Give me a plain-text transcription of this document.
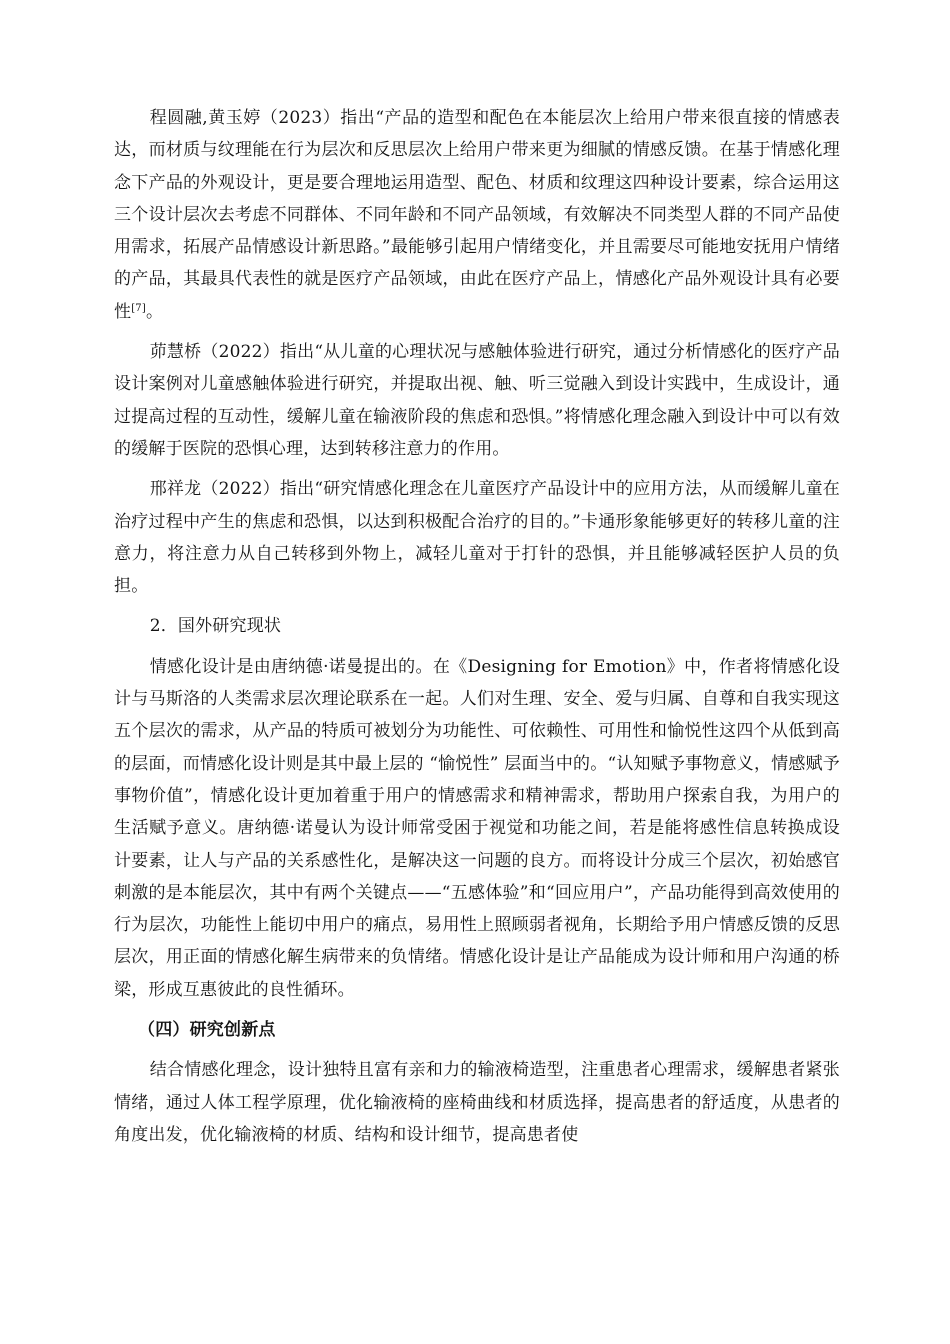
程圆融,黄玉婷（2023）指出“产品的造型和配色在本能层次上给用户带来很直接的情感表达，而材质与纹理能在行为层次和反思层次上给用户带来更为细腻的情感反馈。在基于情感化理念下产品的外观设计，更是要合理地运用造型、配色、材质和纹理这四种设计要素，综合运用这三个设计层次去考虑不同群体、不同年龄和不同产品领域，有效解决不同类型人群的不同产品使用需求，拓展产品情感设计新思路。”最能够引起用户情绪变化，并且需要尽可能地安抚用户情绪的产品，其最具代表性的就是医疗产品领域，由此在医疗产品上，情感化产品外观设计具有必要性[7]。

茆慧桥（2022）指出“从儿童的心理状况与感触体验进行研究，通过分析情感化的医疗产品设计案例对儿童感触体验进行研究，并提取出视、触、听三觉融入到设计实践中，生成设计，通过提高过程的互动性，缓解儿童在输液阶段的焦虑和恐惧。”将情感化理念融入到设计中可以有效的缓解于医院的恐惧心理，达到转移注意力的作用。

邢祥龙（2022）指出“研究情感化理念在儿童医疗产品设计中的应用方法，从而缓解儿童在治疗过程中产生的焦虑和恐惧，以达到积极配合治疗的目的。”卡通形象能够更好的转移儿童的注意力，将注意力从自己转移到外物上，减轻儿童对于打针的恐惧，并且能够减轻医护人员的负担。

2．国外研究现状

情感化设计是由唐纳德·诺曼提出的。在《Designing for Emotion》中，作者将情感化设计与马斯洛的人类需求层次理论联系在一起。人们对生理、安全、爱与归属、自尊和自我实现这五个层次的需求，从产品的特质可被划分为功能性、可依赖性、可用性和愉悦性这四个从低到高的层面，而情感化设计则是其中最上层的 “愉悦性” 层面当中的。“认知赋予事物意义，情感赋予事物价值”，情感化设计更加着重于用户的情感需求和精神需求，帮助用户探索自我，为用户的生活赋予意义。唐纳德·诺曼认为设计师常受困于视觉和功能之间，若是能将感性信息转换成设计要素，让人与产品的关系感性化，是解决这一问题的良方。而将设计分成三个层次，初始感官刺激的是本能层次，其中有两个关键点——“五感体验”和“回应用户”，产品功能得到高效使用的行为层次，功能性上能切中用户的痛点，易用性上照顾弱者视角，长期给予用户情感反馈的反思层次，用正面的情感化解生病带来的负情绪。情感化设计是让产品能成为设计师和用户沟通的桥梁，形成互惠彼此的良性循环。

（四）研究创新点

结合情感化理念，设计独特且富有亲和力的输液椅造型，注重患者心理需求，缓解患者紧张情绪，通过人体工程学原理，优化输液椅的座椅曲线和材质选择，提高患者的舒适度，从患者的角度出发，优化输液椅的材质、结构和设计细节，提高患者使
